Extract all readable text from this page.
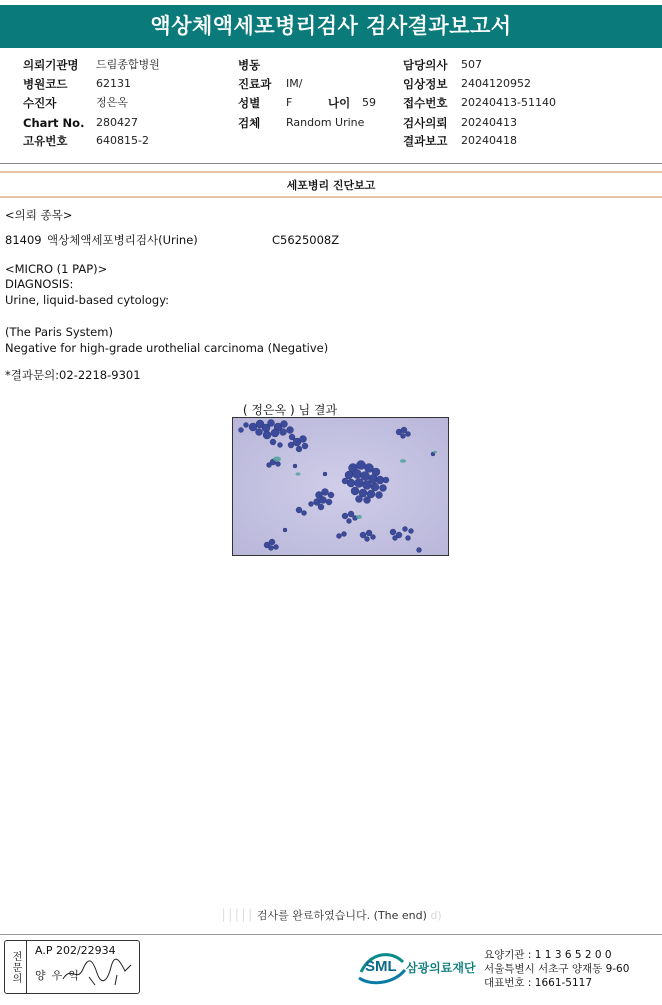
액상체액세포병리검사 검사결과보고서
의뢰기관명 드림종합병원	병동	담당의사 507
병원코드	62131	진료과 IM/	임상정보 2404120952
수진자	정은옥	성별 F	나이 59 접수번호 20240413-51140
Chart No. 280427	검체 Random Urine	검사의뢰 20240413
고유번호	640815-2	결과보고 20240418
세포병리 진단보고
<의뢰 종목>
81409 액상체액세포병리검사(Urine)	C5625008Z
<MICRO (1 PAP)>
DIAGNOSIS:
Urine, liquid-based cytology:
(The Paris System)
Negative for high-grade urothelial carcinoma (Negative)
*결과문의:02-2218-9301
( 정은옥 ) 님 결과
│││││ 검사를 완료하였습니다. (The end) d)
전문의 A.P 202/22934
양우익
SML 삼광의료재단
요양기관 : 1 1 3 6 5 2 0 0
서울특별시 서초구 양재동 9-60
대표번호 : 1661-5117
